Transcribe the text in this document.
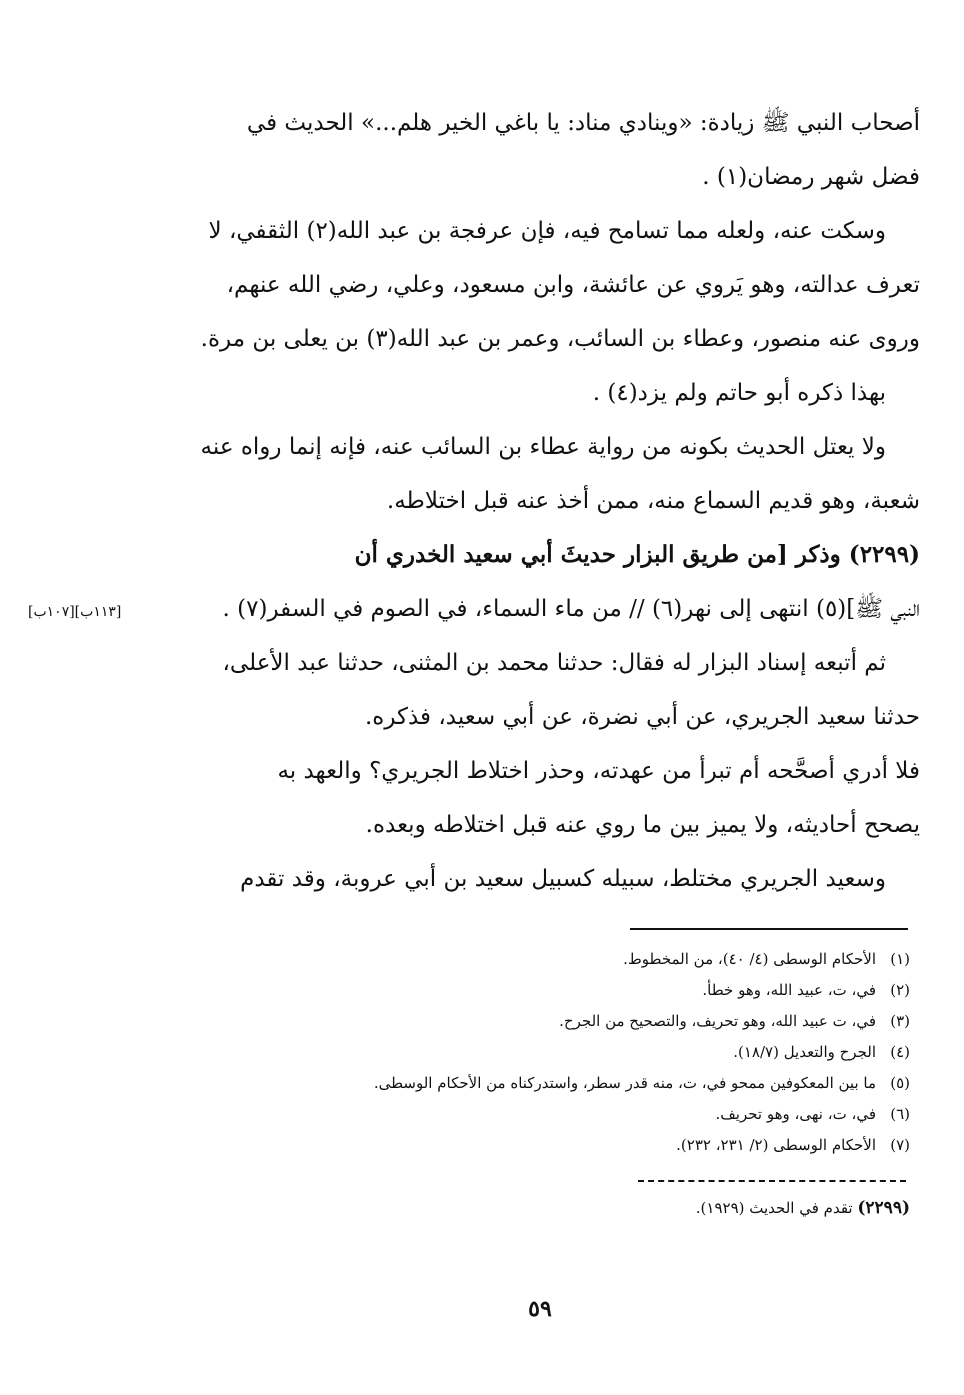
أصحاب النبي ﷺ زيادة: «وينادي مناد: يا باغي الخير هلم...» الحديث في
فضل شهر رمضان(١) .
وسكت عنه، ولعله مما تسامح فيه، فإن عرفجة بن عبد الله(٢) الثقفي، لا
تعرف عدالته، وهو يَروي عن عائشة، وابن مسعود، وعلي، رضي الله عنهم،
وروى عنه منصور، وعطاء بن السائب، وعمر بن عبد الله(٣) بن يعلى بن مرة.
بهذا ذكره أبو حاتم ولم يزد(٤) .
ولا يعتل الحديث بكونه من رواية عطاء بن السائب عنه، فإنه إنما رواه عنه
شعبة، وهو قديم السماع منه، ممن أخذ عنه قبل اختلاطه.
(٢٢٩٩) وذكر [من طريق البزار حديثَ أبي سعيد الخدري أن
النبي ﷺ](٥) انتهى إلى نهر(٦) // من ماء السماء، في الصوم في السفر(٧) .
ثم أتبعه إسناد البزار له فقال: حدثنا محمد بن المثنى، حدثنا عبد الأعلى،
حدثنا سعيد الجريري، عن أبي نضرة، عن أبي سعيد، فذكره.
فلا أدري أصحَّحه أم تبرأ من عهدته، وحذر اختلاط الجريري؟ والعهد به
يصحح أحاديثه، ولا يميز بين ما روي عنه قبل اختلاطه وبعده.
وسعيد الجريري مختلط، سبيله كسبيل سعيد بن أبي عروبة، وقد تقدم
[١١٣ب][١٠٧ب]
(١)الأحكام الوسطى (٤/ ٤٠)، من المخطوط.
(٢)في، ت، عبيد الله، وهو خطأ.
(٣)في، ت عبيد الله، وهو تحريف، والتصحيح من الجرح.
(٤)الجرح والتعديل (١٨/٧).
(٥)ما بين المعكوفين ممحو في، ت، منه قدر سطر، واستدركناه من الأحكام الوسطى.
(٦)في، ت، نهى، وهو تحريف.
(٧)الأحكام الوسطى (٢/ ٢٣١، ٢٣٢).
(٢٢٩٩) تقدم في الحديث (١٩٢٩).
٥٩
